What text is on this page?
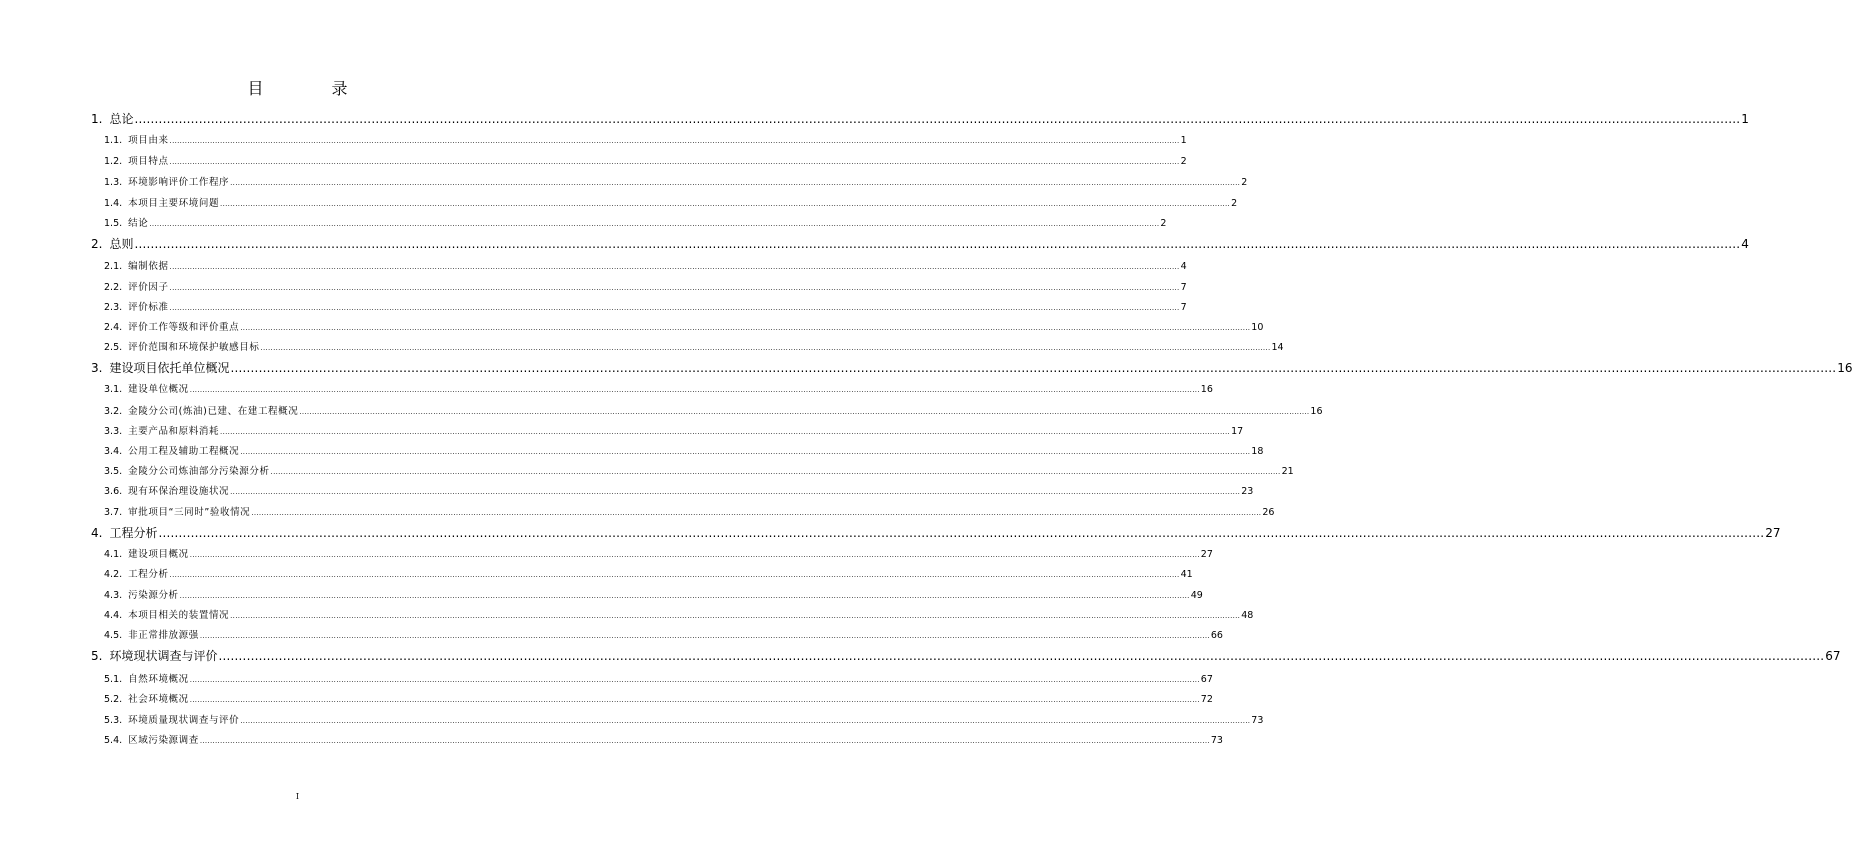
目　录
1. 总论 ................................................................................................................................................................................................................................................................................................................................................................................................................ 1
1.1. 项目由来 ................................................................................................................................................................................................................................................................................................................................................................................................................ 1
1.2. 项目特点 ................................................................................................................................................................................................................................................................................................................................................................................................................ 2
1.3. 环境影响评价工作程序 ................................................................................................................................................................................................................................................................................................................................................................................................................ 2
1.4. 本项目主要环境问题 ................................................................................................................................................................................................................................................................................................................................................................................................................ 2
1.5. 结论 ................................................................................................................................................................................................................................................................................................................................................................................................................ 2
2. 总则 ................................................................................................................................................................................................................................................................................................................................................................................................................ 4
2.1. 编制依据 ................................................................................................................................................................................................................................................................................................................................................................................................................ 4
2.2. 评价因子 ................................................................................................................................................................................................................................................................................................................................................................................................................ 7
2.3. 评价标准 ................................................................................................................................................................................................................................................................................................................................................................................................................ 7
2.4. 评价工作等级和评价重点 ................................................................................................................................................................................................................................................................................................................................................................................................................ 10
2.5. 评价范围和环境保护敏感目标 ................................................................................................................................................................................................................................................................................................................................................................................................................ 14
3. 建设项目依托单位概况 ................................................................................................................................................................................................................................................................................................................................................................................................................ 16
3.1. 建设单位概况 ................................................................................................................................................................................................................................................................................................................................................................................................................ 16
3.2. 金陵分公司(炼油)已建、在建工程概况 ................................................................................................................................................................................................................................................................................................................................................................................................................ 16
3.3. 主要产品和原料消耗 ................................................................................................................................................................................................................................................................................................................................................................................................................ 17
3.4. 公用工程及辅助工程概况 ................................................................................................................................................................................................................................................................................................................................................................................................................ 18
3.5. 金陵分公司炼油部分污染源分析 ................................................................................................................................................................................................................................................................................................................................................................................................................ 21
3.6. 现有环保治理设施状况 ................................................................................................................................................................................................................................................................................................................................................................................................................ 23
3.7. 审批项目“三同时”验收情况 ................................................................................................................................................................................................................................................................................................................................................................................................................ 26
4. 工程分析 ................................................................................................................................................................................................................................................................................................................................................................................................................ 27
4.1. 建设项目概况 ................................................................................................................................................................................................................................................................................................................................................................................................................ 27
4.2. 工程分析 ................................................................................................................................................................................................................................................................................................................................................................................................................ 41
4.3. 污染源分析 ................................................................................................................................................................................................................................................................................................................................................................................................................ 49
4.4. 本项目相关的装置情况 ................................................................................................................................................................................................................................................................................................................................................................................................................ 48
4.5. 非正常排放源强 ................................................................................................................................................................................................................................................................................................................................................................................................................ 66
5. 环境现状调查与评价 ................................................................................................................................................................................................................................................................................................................................................................................................................ 67
5.1. 自然环境概况 ................................................................................................................................................................................................................................................................................................................................................................................................................ 67
5.2. 社会环境概况 ................................................................................................................................................................................................................................................................................................................................................................................................................ 72
5.3. 环境质量现状调查与评价 ................................................................................................................................................................................................................................................................................................................................................................................................................ 73
5.4. 区域污染源调查 ................................................................................................................................................................................................................................................................................................................................................................................................................ 73
I
